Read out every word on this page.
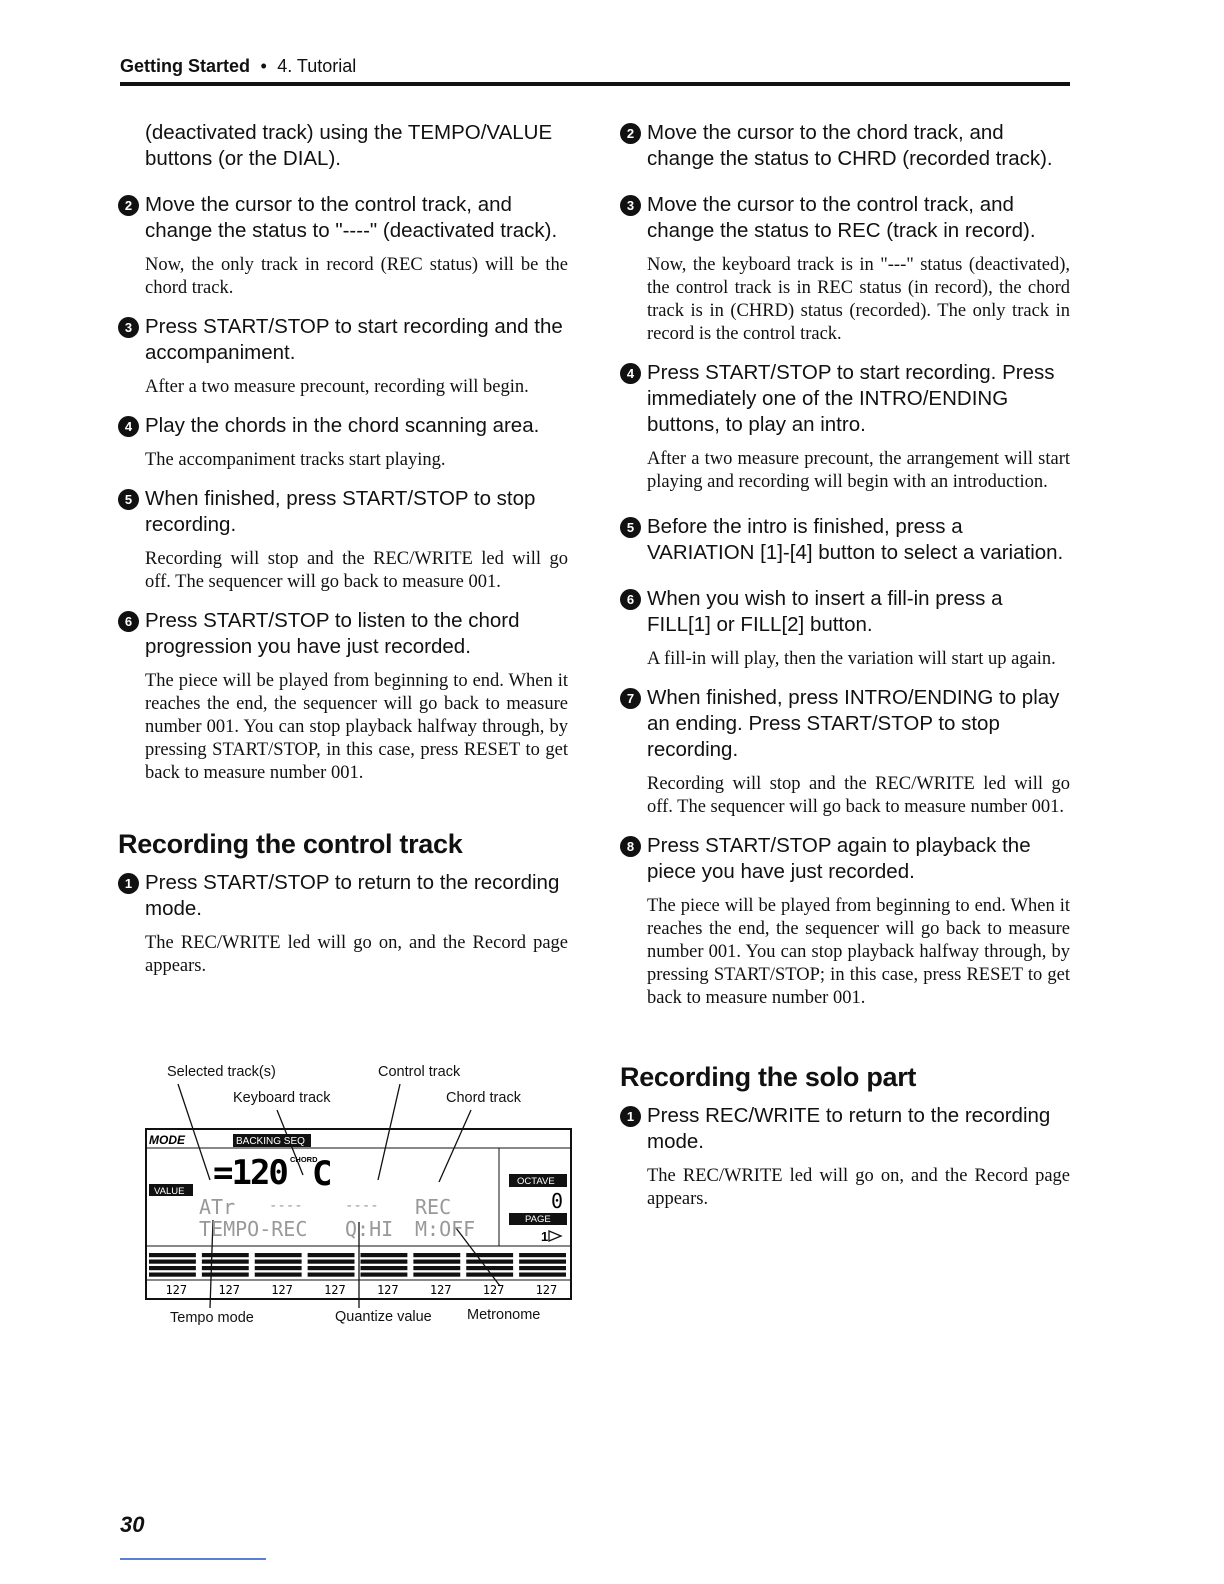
Getting Started • 4. Tutorial

(deactivated track) using the TEMPO/VALUE buttons (or the DIAL).

2 Move the cursor to the control track, and change the status to "----" (deactivated track).

Now, the only track in record (REC status) will be the chord track.

3 Press START/STOP to start recording and the accompaniment.

After a two measure precount, recording will begin.

4 Play the chords in the chord scanning area.

The accompaniment tracks start playing.

5 When finished, press START/STOP to stop recording.

Recording will stop and the REC/WRITE led will go off. The sequencer will go back to measure 001.

6 Press START/STOP to listen to the chord progression you have just recorded.

The piece will be played from beginning to end. When it reaches the end, the sequencer will go back to measure number 001. You can stop playback halfway through, by pressing START/STOP, in this case, press RESET to get back to measure number 001.

Recording the control track
1 Press START/STOP to return to the recording mode.

The REC/WRITE led will go on, and the Record page appears.

Selected track(s)
Keyboard track
Control track
Chord track
Tempo mode	Quantize value Metronome
MODE	BACKING SEQ
VALUE =120 CHORD
C	OCTAVE
0
PAGE
1
ATr ----	---- REC
TEMPO-REC Q:HI M:OFF
127	127	127	127	127	127	127	127
2 Move the cursor to the chord track, and change the status to CHRD (recorded track).

3 Move the cursor to the control track, and change the status to REC (track in record).

Now, the keyboard track is in "---" status (deactivated), the control track is in REC status (in record), the chord track is in (CHRD) status (recorded). The only track in record is the control track.

4 Press START/STOP to start recording. Press immediately one of the INTRO/ENDING buttons, to play an intro.

After a two measure precount, the arrangement will start playing and recording will begin with an introduction.

5 Before the intro is finished, press a VARIATION [1]-[4] button to select a variation.

6 When you wish to insert a fill-in press a FILL[1] or FILL[2] button.

A fill-in will play, then the variation will start up again.

7 When finished, press INTRO/ENDING to play an ending. Press START/STOP to stop recording.

Recording will stop and the REC/WRITE led will go off. The sequencer will go back to measure number 001.

8 Press START/STOP again to playback the piece you have just recorded.

The piece will be played from beginning to end. When it reaches the end, the sequencer will go back to measure number 001. You can stop playback halfway through, by pressing START/STOP; in this case, press RESET to get back to measure number 001.

Recording the solo part
1 Press REC/WRITE to return to the recording mode.

The REC/WRITE led will go on, and the Record page appears.

30
